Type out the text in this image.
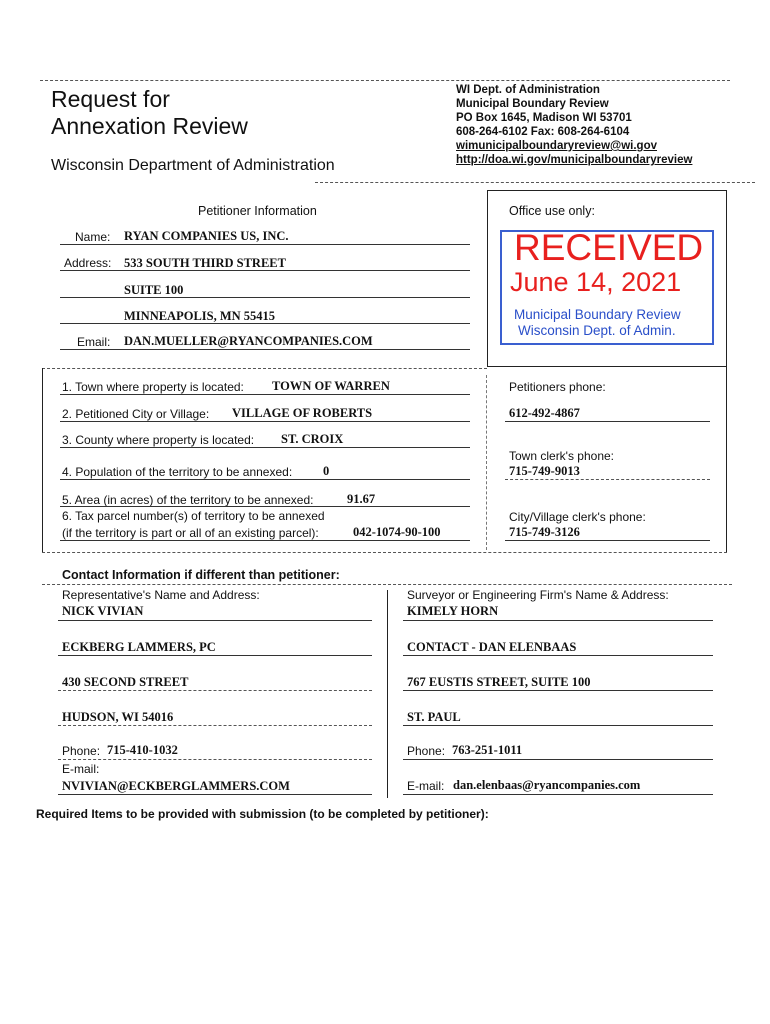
Request for
Annexation Review
Wisconsin Department of Administration
WI Dept. of Administration
Municipal Boundary Review
PO Box 1645, Madison WI 53701
608-264-6102 Fax: 608-264-6104
wimunicipalboundaryreview@wi.gov
http://doa.wi.gov/municipalboundaryreview
Petitioner Information
Name: RYAN COMPANIES US, INC.
Address: 533 SOUTH THIRD STREET
SUITE 100
MINNEAPOLIS, MN 55415
Email: DAN.MUELLER@RYANCOMPANIES.COM
Office use only:
RECEIVED
June 14, 2021
Municipal Boundary Review
Wisconsin Dept. of Admin.
1. Town where property is located: TOWN OF WARREN
2. Petitioned City or Village: VILLAGE OF ROBERTS
3. County where property is located: ST. CROIX
4. Population of the territory to be annexed: 0
5. Area (in acres) of the territory to be annexed:	91.67
6. Tax parcel number(s) of territory to be annexed
(if the territory is part or all of an existing parcel):	042-1074-90-100
Petitioners phone:
612-492-4867
Town clerk's phone:
715-749-9013
City/Village clerk's phone:
715-749-3126
Contact Information if different than petitioner:
Representative's Name and Address:
NICK VIVIAN
ECKBERG LAMMERS, PC
430 SECOND STREET
HUDSON, WI 54016
Phone: 715-410-1032
E-mail:
NVIVIAN@ECKBERGLAMMERS.COM
Surveyor or Engineering Firm's Name & Address:
KIMELY HORN
CONTACT - DAN ELENBAAS
767 EUSTIS STREET, SUITE 100
ST. PAUL
Phone: 763-251-1011
E-mail: dan.elenbaas@ryancompanies.com
Required Items to be provided with submission (to be completed by petitioner):
